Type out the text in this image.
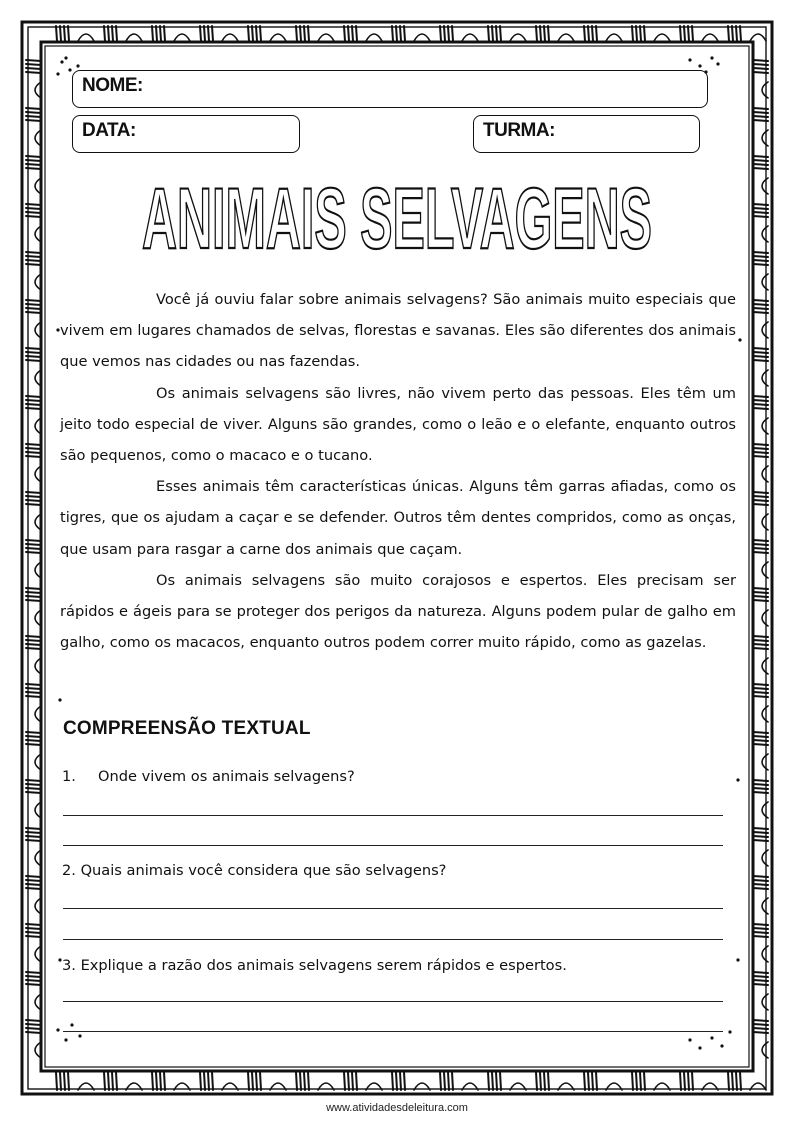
NOME:
DATA:	TURMA:
ANIMAIS SELVAGENS

Você já ouviu falar sobre animais selvagens? São animais muito especiais que vivem em lugares chamados de selvas, florestas e savanas. Eles são diferentes dos animais que vemos nas cidades ou nas fazendas.

Os animais selvagens são livres, não vivem perto das pessoas. Eles têm um jeito todo especial de viver. Alguns são grandes, como o leão e o elefante, enquanto outros são pequenos, como o macaco e o tucano.

Esses animais têm características únicas. Alguns têm garras afiadas, como os tigres, que os ajudam a caçar e se defender. Outros têm dentes compridos, como as onças, que usam para rasgar a carne dos animais que caçam.

Os animais selvagens são muito corajosos e espertos. Eles precisam ser rápidos e ágeis para se proteger dos perigos da natureza. Alguns podem pular de galho em galho, como os macacos, enquanto outros podem correr muito rápido, como as gazelas.

COMPREENSÃO TEXTUAL
1. Onde vivem os animais selvagens?
2. Quais animais você considera que são selvagens?
3. Explique a razão dos animais selvagens serem rápidos e espertos.
www.atividadesdeleitura.com
